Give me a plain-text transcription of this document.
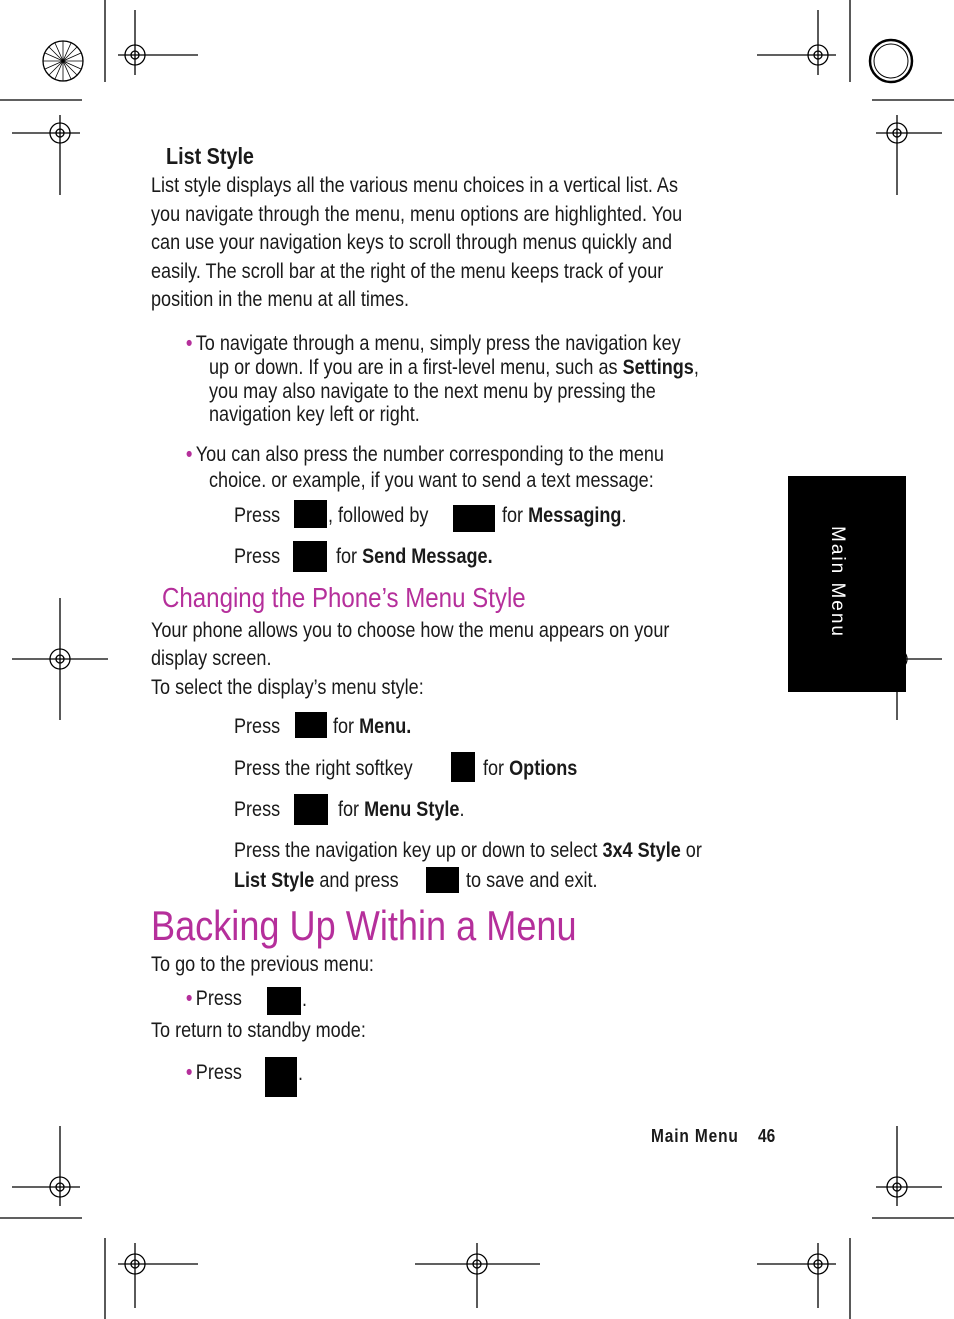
Main Menu
List Style
List style displays all the various menu choices in a vertical list. As
you navigate through the menu, menu options are highlighted. You
can use your navigation keys to scroll through menus quickly and
easily. The scroll bar at the right of the menu keeps track of your
position in the menu at all times.
• To navigate through a menu, simply press the navigation key
up or down. If you are in a first-level menu, such as Settings,
you may also navigate to the next menu by pressing the
navigation key left or right.
• You can also press the number corresponding to the menu
choice. or example, if you want to send a text message:
Press , followed by	for Messaging.
Press	for Send Message.
Changing the Phone’s Menu Style
Your phone allows you to choose how the menu appears on your
display screen.
To select the display’s menu style:
Press	for Menu.
Press the right softkey	for Options
Press	for Menu Style.
Press the navigation key up or down to select 3x4 Style or
List Style and press	to save and exit.
Backing Up Within a Menu
To go to the previous menu:
• Press	.
To return to standby mode:
• Press	.
Main Menu 46
